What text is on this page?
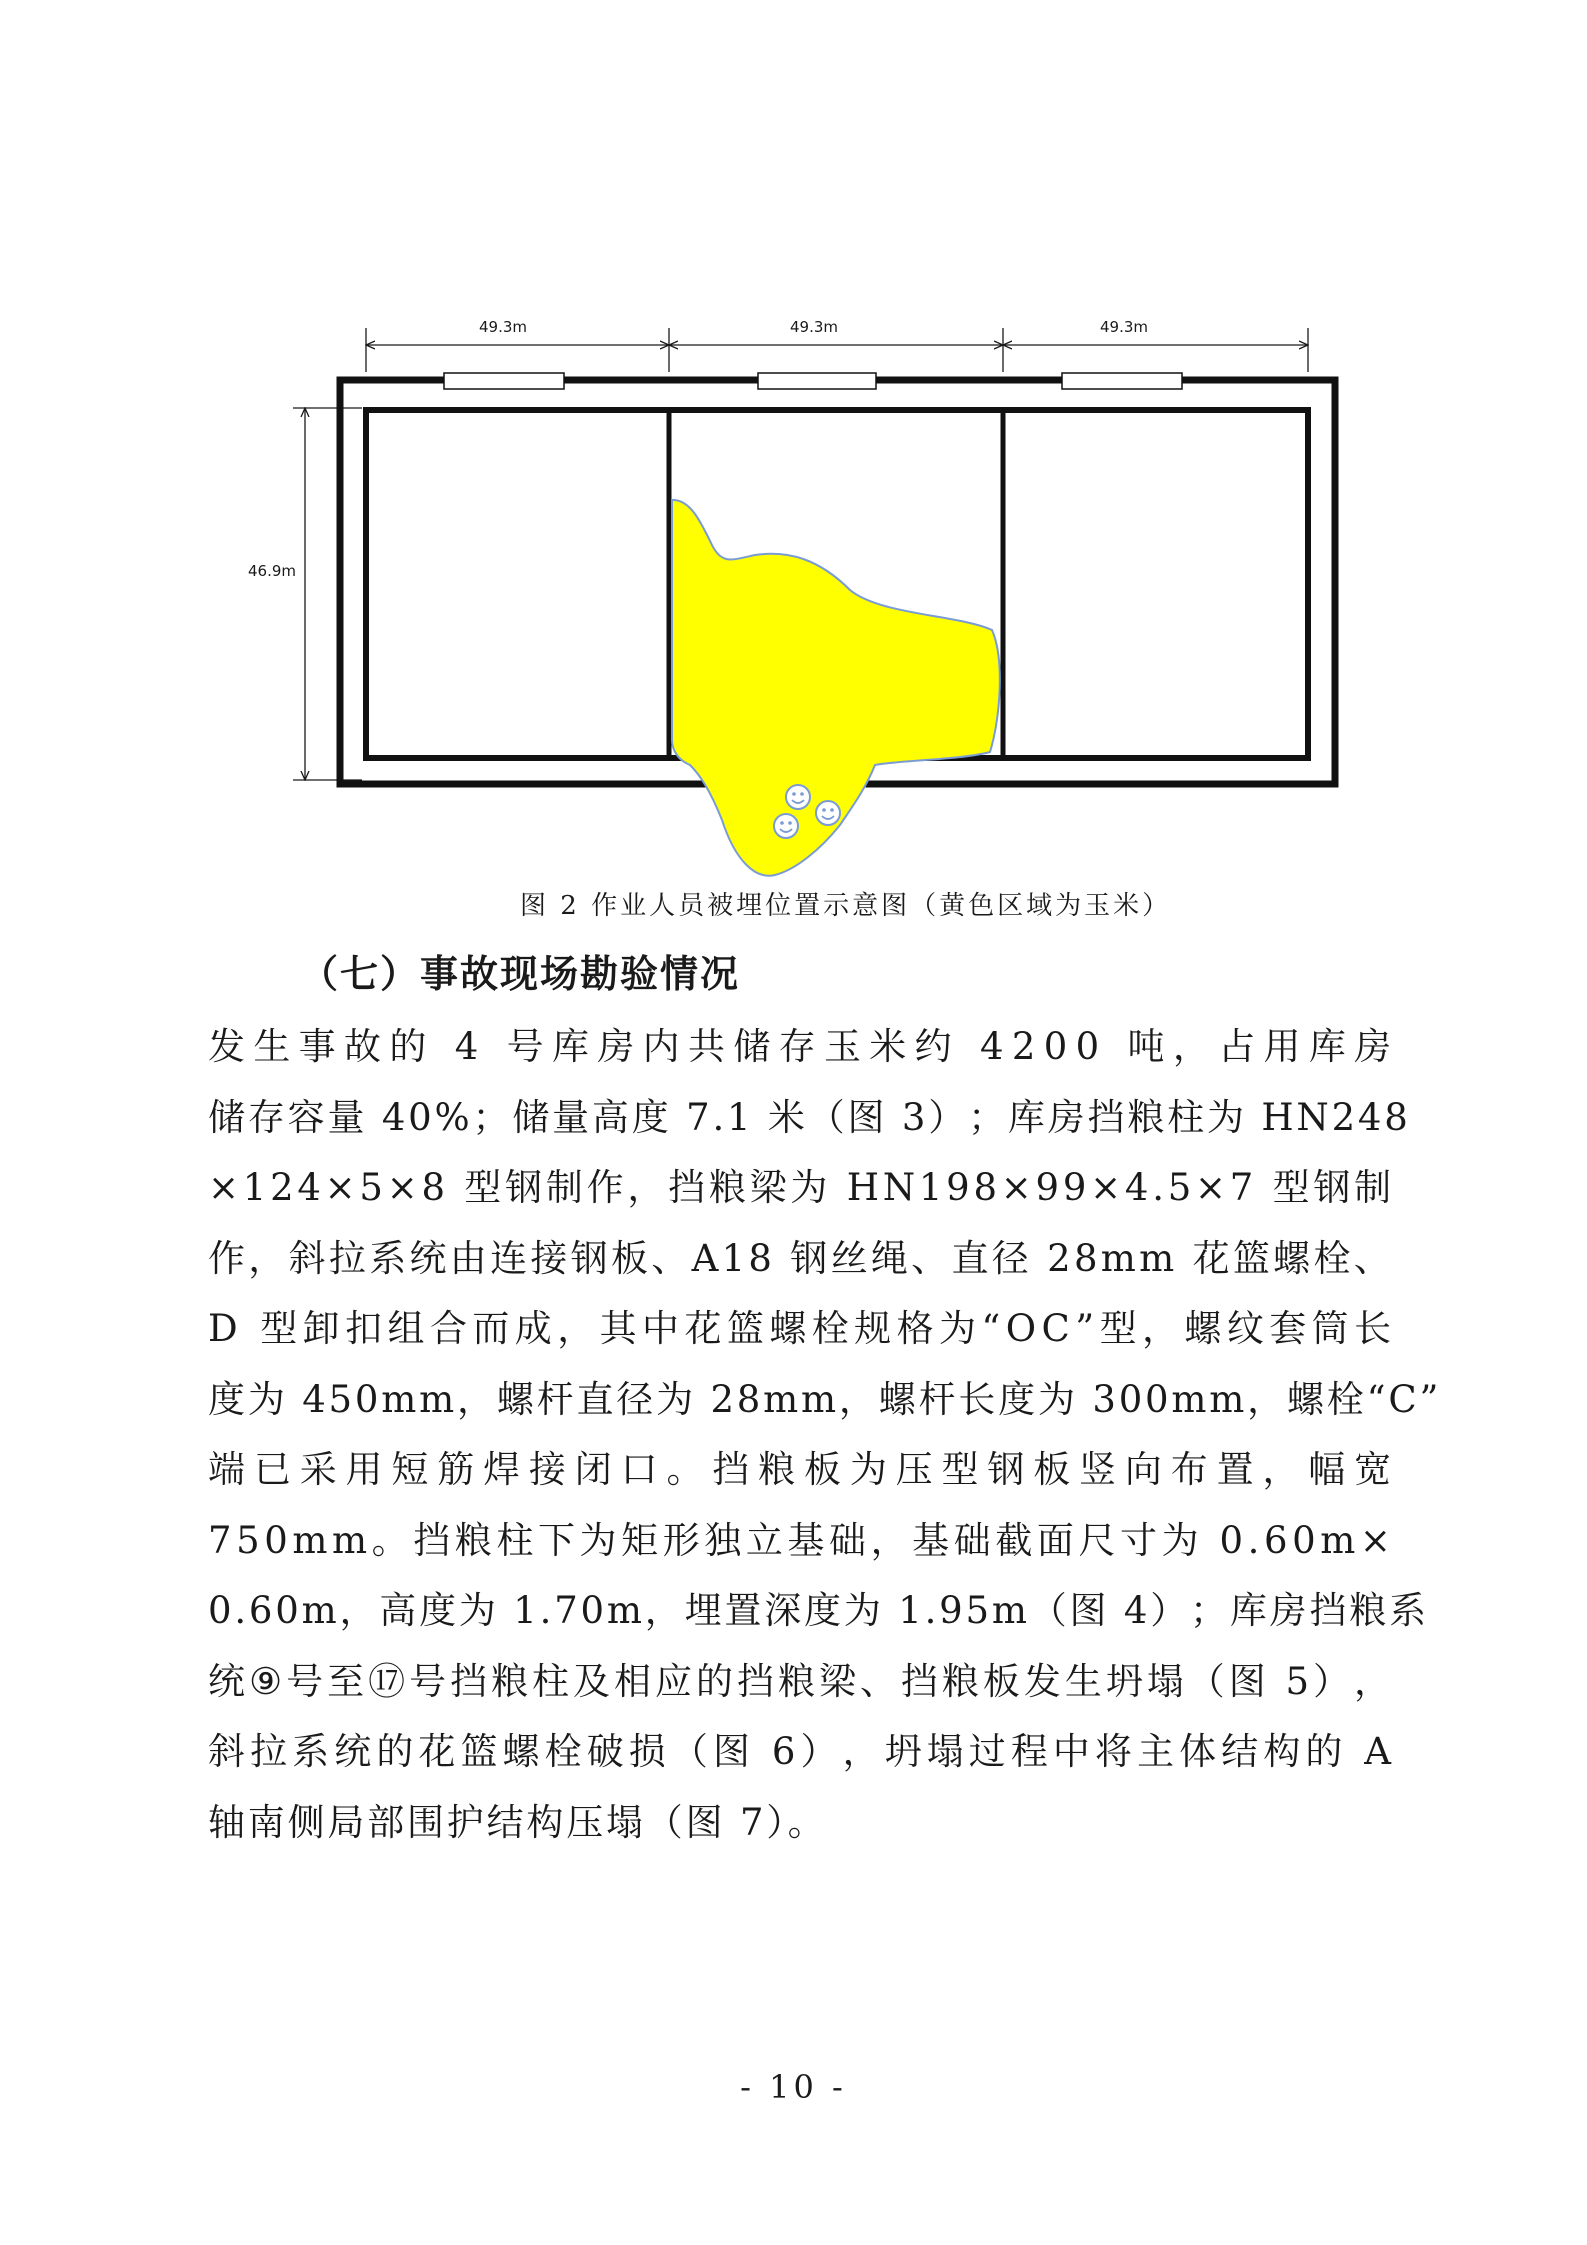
49.3m	49.3m	49.3m
46.9m
图 2 作业人员被埋位置示意图（黄色区域为玉米）
（七）事故现场勘验情况
发 生 事 故 的
4
号 库 房 内 共 储 存 玉 米 约
4 2 0 0
吨 ， 占 用 库 房
储 存 容 量
4 0 % ； 储 量 高 度
7 . 1
米 （ 图
3 ） ； 库 房 挡 粮 柱 为
H N 2 4 8
× 1 2 4 × 5 × 8
型 钢 制 作 ， 挡 粮 梁 为
H N 1 9 8 × 9 9 × 4 . 5 × 7
型 钢 制
作 ， 斜 拉 系 统 由 连 接 钢 板 、 A 1 8
钢 丝 绳 、 直 径
2 8 m m
花 篮 螺 栓 、
D
型 卸 扣 组 合 而 成 ， 其 中 花 篮 螺 栓 规 格 为 “ O C ” 型 ， 螺 纹 套 筒 长
度 为
4 5 0 m m ， 螺 杆 直 径 为
2 8 m m ， 螺 杆 长 度 为
3 0 0 m m ， 螺 栓 “ C ”
端 已 采 用 短 筋 焊 接 闭 口 。 挡 粮 板 为 压 型 钢 板 竖 向 布 置 ， 幅 宽
7 5 0 m m 。 挡 粮 柱 下 为 矩 形 独 立 基 础 ， 基 础 截 面 尺 寸 为
0 . 6 0 m ×
0 . 6 0 m ， 高 度 为
1 . 7 0 m ， 埋 置 深 度 为
1 . 9 5 m （ 图
4 ） ； 库 房 挡 粮 系
统 ⑨ 号 至 ⑰ 号 挡 粮 柱 及 相 应 的 挡 粮 梁 、 挡 粮 板 发 生 坍 塌 （ 图
5 ） ，
斜 拉 系 统 的 花 篮 螺 栓 破 损 （ 图
6 ） ， 坍 塌 过 程 中 将 主 体 结 构 的
A
轴南侧局部围护结构压塌（图 7）。
- 10 -
